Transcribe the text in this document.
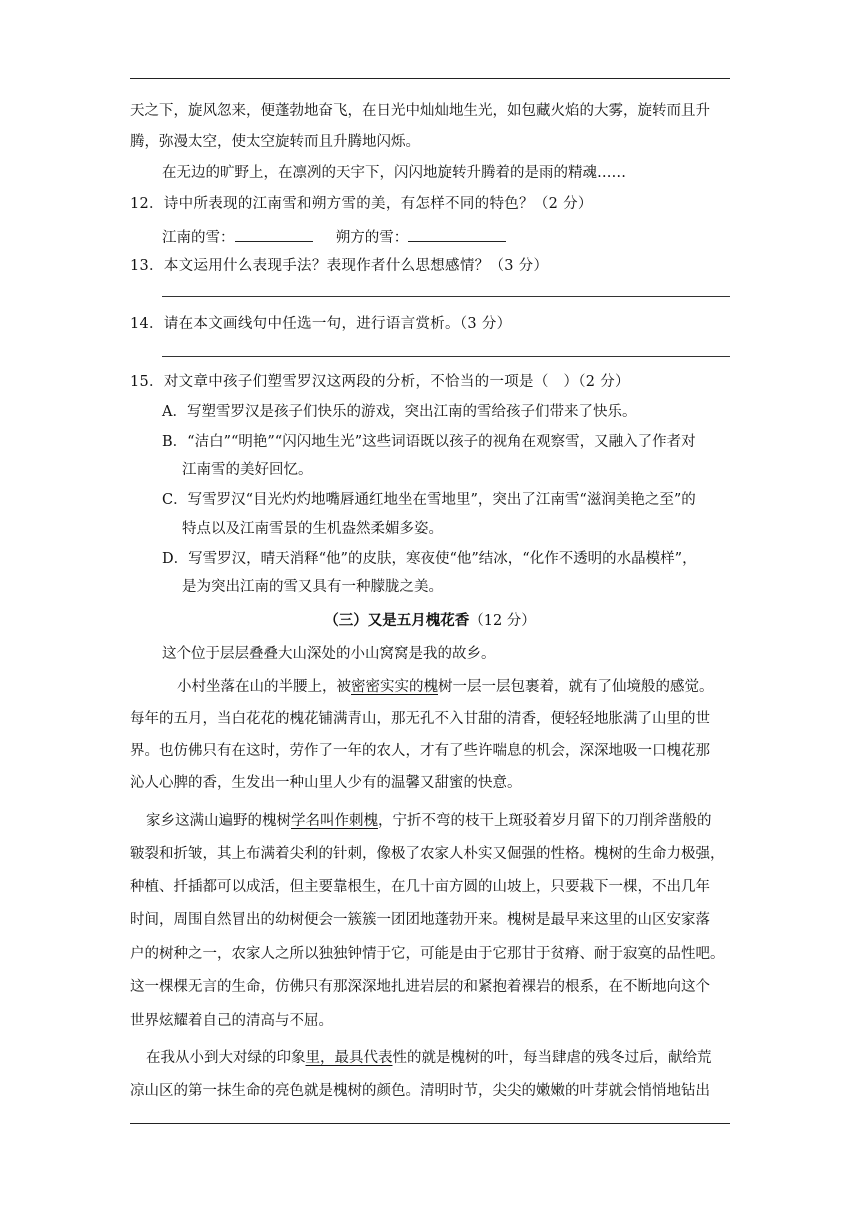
天之下，旋风忽来，便蓬勃地奋飞，在日光中灿灿地生光，如包藏火焰的大雾，旋转而且升
腾，弥漫太空，使太空旋转而且升腾地闪烁。
在无边的旷野上，在凛冽的天宇下，闪闪地旋转升腾着的是雨的精魂……
12．诗中所表现的江南雪和朔方雪的美，有怎样不同的特色？（2 分）
江南的雪：	朔方的雪：
13．本文运用什么表现手法？表现作者什么思想感情？（3 分）
14．请在本文画线句中任选一句，进行语言赏析。（3 分）
15．对文章中孩子们塑雪罗汉这两段的分析，不恰当的一项是（　）（2 分）
A．写塑雪罗汉是孩子们快乐的游戏，突出江南的雪给孩子们带来了快乐。
B．“洁白”“明艳”“闪闪地生光”这些词语既以孩子的视角在观察雪，又融入了作者对
江南雪的美好回忆。
C．写雪罗汉“目光灼灼地嘴唇通红地坐在雪地里”，突出了江南雪“滋润美艳之至”的
特点以及江南雪景的生机盎然柔媚多姿。
D．写雪罗汉，晴天消释“他”的皮肤，寒夜使“他”结冰，“化作不透明的水晶模样”，
是为突出江南的雪又具有一种朦胧之美。
（三）又是五月槐花香（12 分）
这个位于层层叠叠大山深处的小山窝窝是我的故乡。
小村坐落在山的半腰上，被密密实实的槐树一层一层包裹着，就有了仙境般的感觉。
每年的五月，当白花花的槐花铺满青山，那无孔不入甘甜的清香，便轻轻地胀满了山里的世
界。也仿佛只有在这时，劳作了一年的农人，才有了些许喘息的机会，深深地吸一口槐花那
沁人心脾的香，生发出一种山里人少有的温馨又甜蜜的快意。
家乡这满山遍野的槐树学名叫作刺槐，宁折不弯的枝干上斑驳着岁月留下的刀削斧凿般的
皲裂和折皱，其上布满着尖利的针刺，像极了农家人朴实又倔强的性格。槐树的生命力极强，
种植、扦插都可以成活，但主要靠根生，在几十亩方圆的山坡上，只要栽下一棵，不出几年
时间，周围自然冒出的幼树便会一簇簇一团团地蓬勃开来。槐树是最早来这里的山区安家落
户的树种之一，农家人之所以独独钟情于它，可能是由于它那甘于贫瘠、耐于寂寞的品性吧。
这一棵棵无言的生命，仿佛只有那深深地扎进岩层的和紧抱着裸岩的根系，在不断地向这个
世界炫耀着自己的清高与不屈。
在我从小到大对绿的印象里，最具代表性的就是槐树的叶，每当肆虐的残冬过后，献给荒
凉山区的第一抹生命的亮色就是槐树的颜色。清明时节，尖尖的嫩嫩的叶芽就会悄悄地钻出
